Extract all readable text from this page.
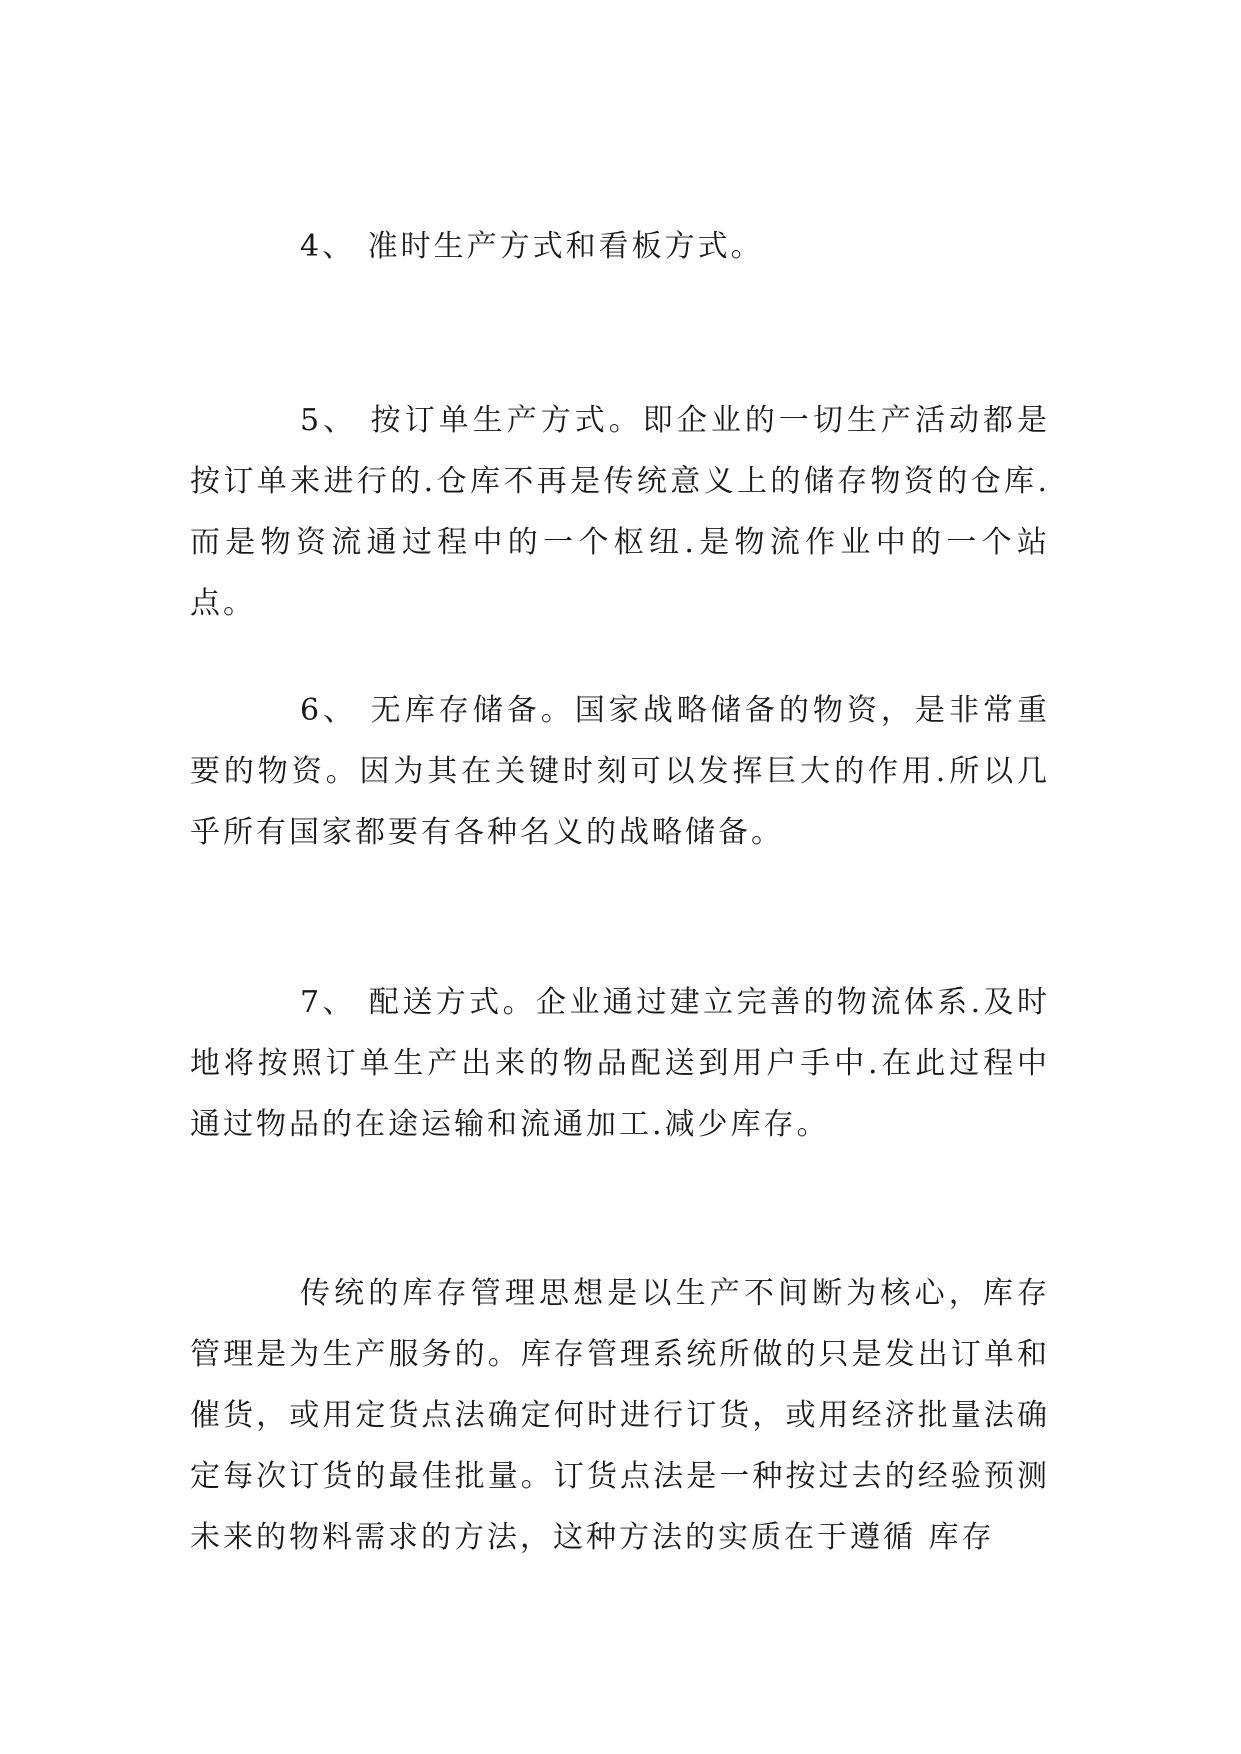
4、 准时生产方式和看板方式。

5、 按订单生产方式。即企业的一切生产活动都是按订单来进行的.仓库不再是传统意义上的储存物资的仓库.而是物资流通过程中的一个枢纽.是物流作业中的一个站点。

6、 无库存储备。国家战略储备的物资，是非常重要的物资。因为其在关键时刻可以发挥巨大的作用.所以几乎所有国家都要有各种名义的战略储备。

7、 配送方式。企业通过建立完善的物流体系.及时地将按照订单生产出来的物品配送到用户手中.在此过程中通过物品的在途运输和流通加工.减少库存。

传统的库存管理思想是以生产不间断为核心，库存管理是为生产服务的。库存管理系统所做的只是发出订单和催货，或用定货点法确定何时进行订货，或用经济批量法确定每次订货的最佳批量。订货点法是一种按过去的经验预测未来的物料需求的方法，这种方法的实质在于遵循 库存
